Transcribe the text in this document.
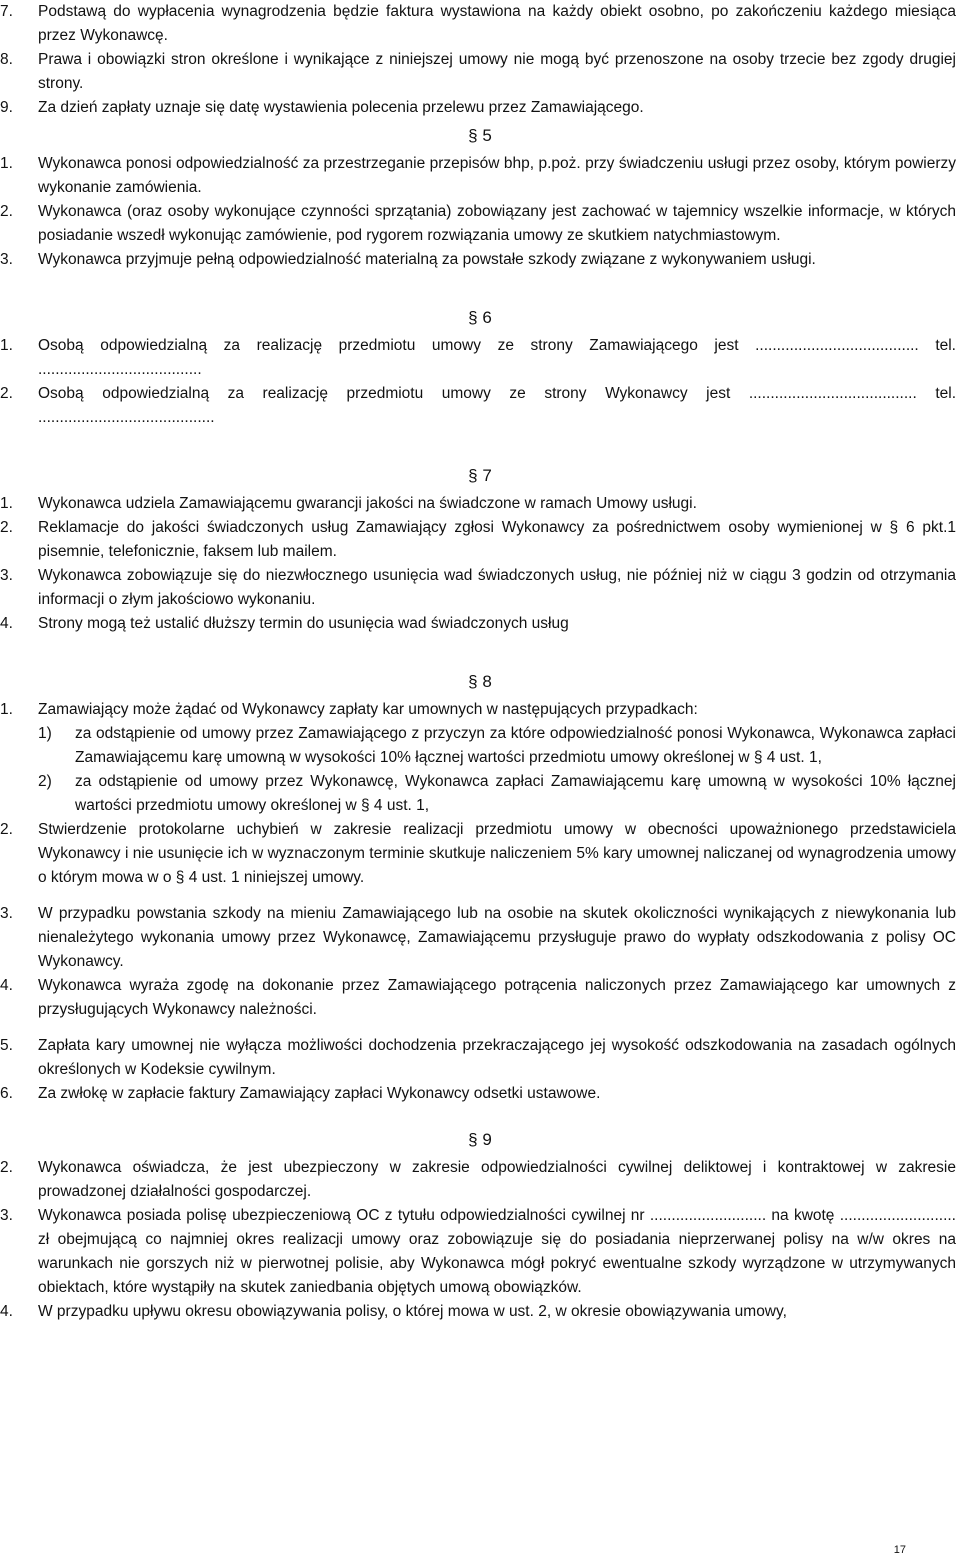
7. Podstawą do wypłacenia wynagrodzenia będzie faktura wystawiona na każdy obiekt osobno, po zakończeniu każdego miesiąca przez Wykonawcę.
8. Prawa i obowiązki stron określone i wynikające z niniejszej umowy nie mogą być przenoszone na osoby trzecie bez zgody drugiej strony.
9. Za dzień zapłaty uznaje się datę wystawienia polecenia przelewu przez Zamawiającego.
§ 5
1. Wykonawca ponosi odpowiedzialność za przestrzeganie przepisów bhp, p.poż. przy świadczeniu usługi przez osoby, którym powierzy wykonanie zamówienia.
2. Wykonawca (oraz osoby wykonujące czynności sprzątania) zobowiązany jest zachować w tajemnicy wszelkie informacje, w których posiadanie wszedł wykonując zamówienie, pod rygorem rozwiązania umowy ze skutkiem natychmiastowym.
3. Wykonawca przyjmuje pełną odpowiedzialność materialną za powstałe szkody związane z wykonywaniem usługi.
§ 6
1. Osobą odpowiedzialną za realizację przedmiotu umowy ze strony Zamawiającego jest ...................................... tel. ......................................
2. Osobą odpowiedzialną za realizację przedmiotu umowy ze strony Wykonawcy jest ....................................... tel. .........................................
§ 7
1. Wykonawca udziela Zamawiającemu gwarancji jakości na świadczone w ramach Umowy usługi.
2. Reklamacje do jakości świadczonych usług Zamawiający zgłosi Wykonawcy za pośrednictwem osoby wymienionej w § 6 pkt.1 pisemnie, telefonicznie, faksem lub mailem.
3. Wykonawca zobowiązuje się do niezwłocznego usunięcia wad świadczonych usług, nie później niż w ciągu 3 godzin od otrzymania informacji o złym jakościowo wykonaniu.
4. Strony mogą też ustalić dłuższy termin do usunięcia wad świadczonych usług
§ 8
1. Zamawiający może żądać od Wykonawcy zapłaty kar umownych w następujących przypadkach:
1) za odstąpienie od umowy przez Zamawiającego z przyczyn za które odpowiedzialność ponosi Wykonawca, Wykonawca zapłaci Zamawiającemu karę umowną w wysokości 10% łącznej wartości przedmiotu umowy określonej w § 4 ust. 1,
2) za odstąpienie od umowy przez Wykonawcę, Wykonawca zapłaci Zamawiającemu karę umowną w wysokości 10% łącznej wartości przedmiotu umowy określonej w § 4 ust. 1,
2. Stwierdzenie protokolarne uchybień w zakresie realizacji przedmiotu umowy w obecności upoważnionego przedstawiciela Wykonawcy i nie usunięcie ich w wyznaczonym terminie skutkuje naliczeniem 5% kary umownej naliczanej od wynagrodzenia umowy o którym mowa w o § 4 ust. 1 niniejszej umowy.
3. W przypadku powstania szkody na mieniu Zamawiającego lub na osobie na skutek okoliczności wynikających z niewykonania lub nienależytego wykonania umowy przez Wykonawcę, Zamawiającemu przysługuje prawo do wypłaty odszkodowania z polisy OC Wykonawcy.
4. Wykonawca wyraża zgodę na dokonanie przez Zamawiającego potrącenia naliczonych przez Zamawiającego kar umownych z przysługujących Wykonawcy należności.
5. Zapłata kary umownej nie wyłącza możliwości dochodzenia przekraczającego jej wysokość odszkodowania na zasadach ogólnych określonych w Kodeksie cywilnym.
6. Za zwłokę w zapłacie faktury Zamawiający zapłaci Wykonawcy odsetki ustawowe.
§ 9
2. Wykonawca oświadcza, że jest ubezpieczony w zakresie odpowiedzialności cywilnej deliktowej i kontraktowej w zakresie prowadzonej działalności gospodarczej.
3. Wykonawca posiada polisę ubezpieczeniową OC z tytułu odpowiedzialności cywilnej nr ........................... na kwotę ........................... zł obejmującą co najmniej okres realizacji umowy oraz zobowiązuje się do posiadania nieprzerwanej polisy na w/w okres na warunkach nie gorszych niż w pierwotnej polisie, aby Wykonawca mógł pokryć ewentualne szkody wyrządzone w utrzymywanych obiektach, które wystąpiły na skutek zaniedbania objętych umową obowiązków.
4. W przypadku upływu okresu obowiązywania polisy, o której mowa w ust. 2, w okresie obowiązywania umowy,
17
